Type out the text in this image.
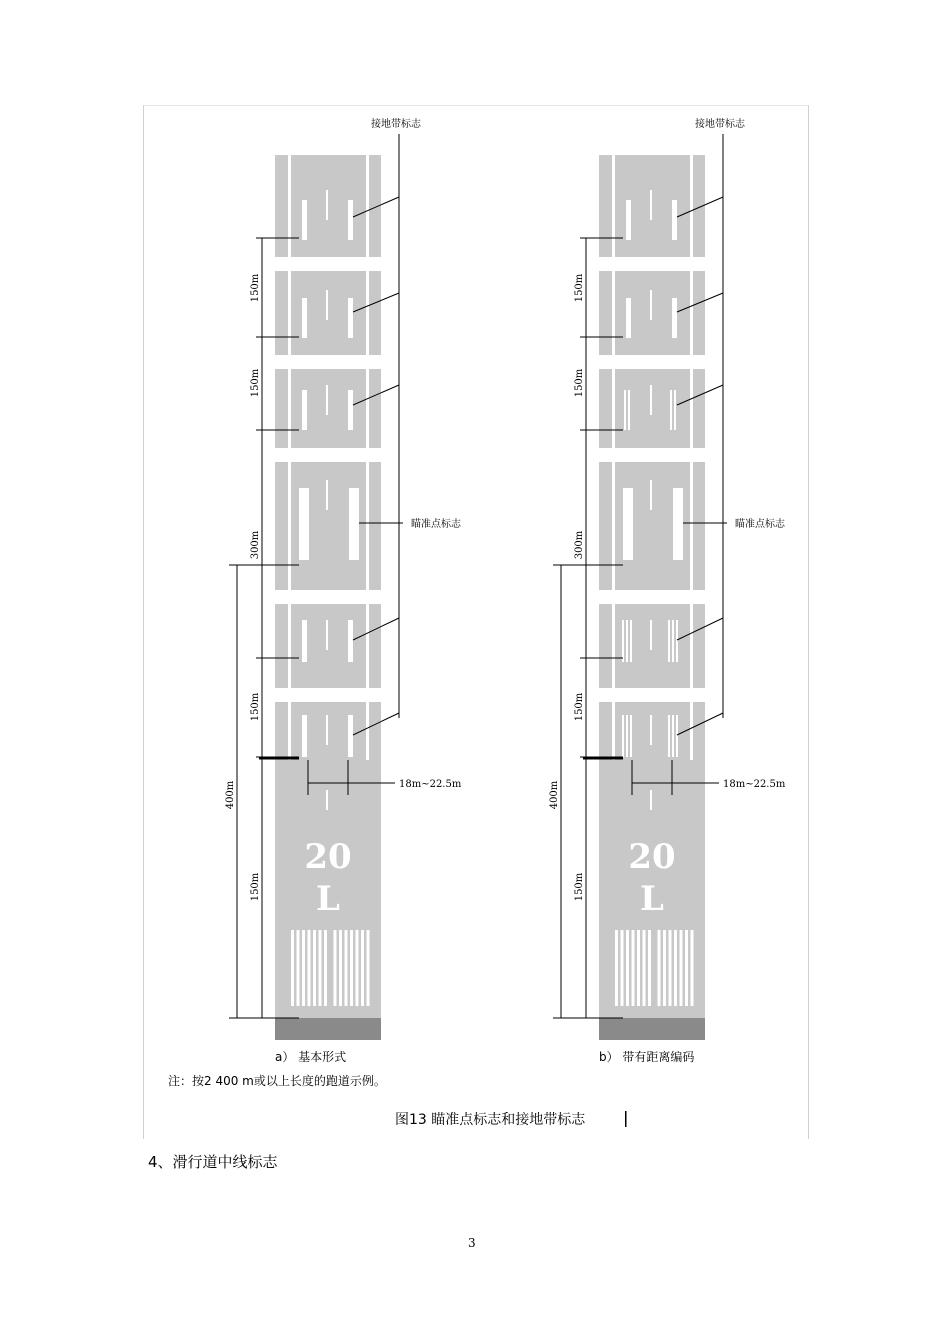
20
L
接地带标志
瞄准点标志
18m~22.5m
150m
150m
300m
150m
150m
400m
a） 基本形式
20
L
接地带标志
瞄准点标志
18m~22.5m
150m
150m
300m
150m
150m
400m
b） 带有距离编码
注：按2 400 m或以上长度的跑道示例。
图13 瞄准点标志和接地带标志
4、滑行道中线标志
3
